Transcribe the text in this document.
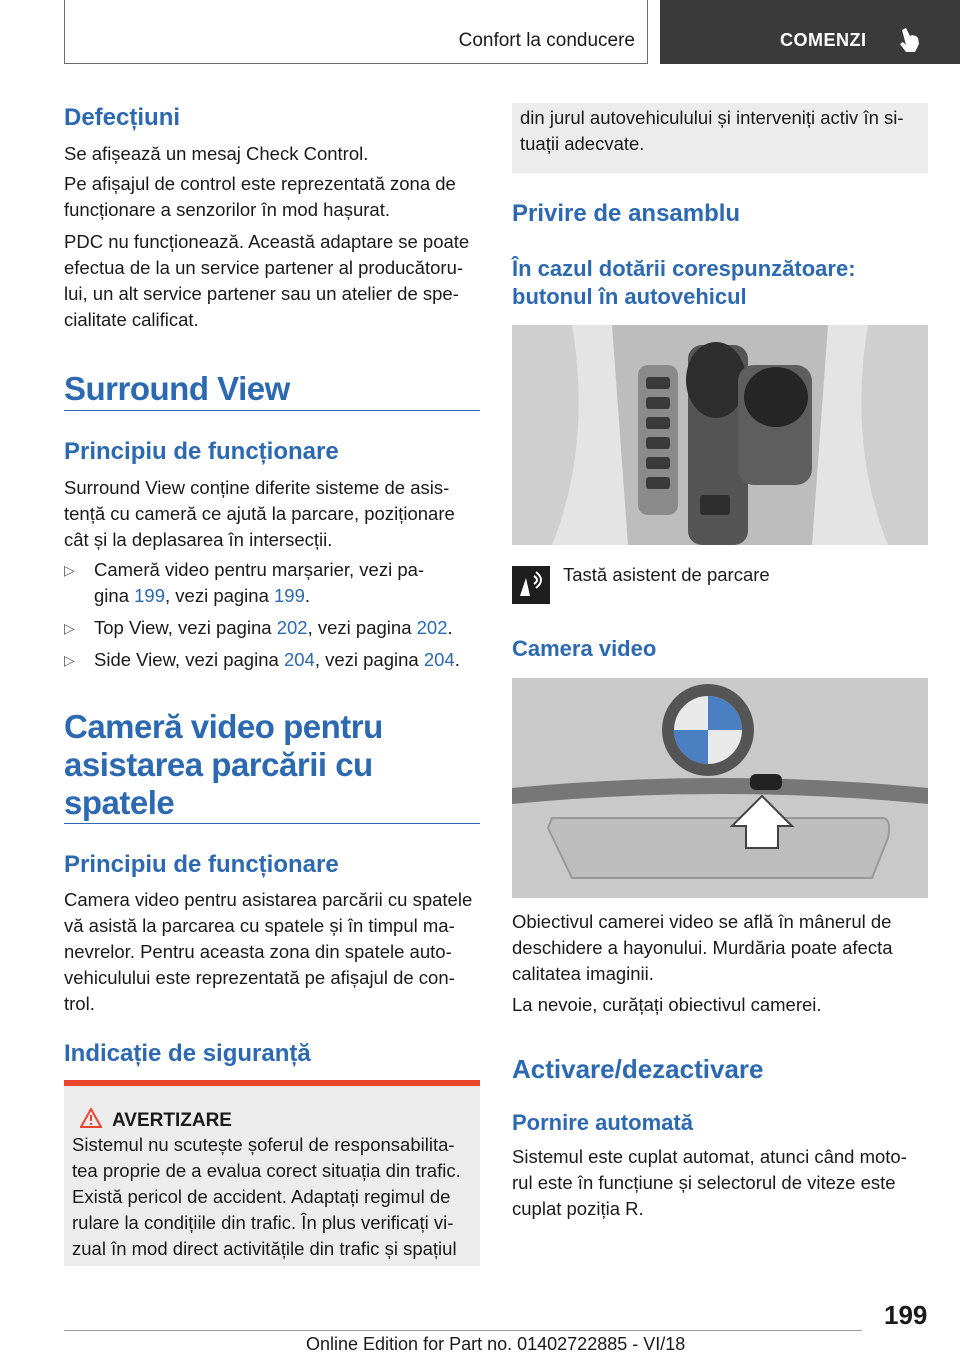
Confort la conducere	COMENZI
Defecțiuni

Se afișează un mesaj Check Control.

Pe afișajul de control este reprezentată zona de
funcționare a senzorilor în mod hașurat.

PDC nu funcționează. Această adaptare se poate
efectua de la un service partener al producătoru-
lui, un alt service partener sau un atelier de spe-
cialitate calificat.

Surround View
Principiu de funcționare

Surround View conține diferite sisteme de asis-
tență cu cameră ce ajută la parcare, poziționare
cât și la deplasarea în intersecții.

▷ Cameră video pentru marșarier, vezi pa-
gina 199, vezi pagina 199.
▷ Top View, vezi pagina 202, vezi pagina 202.
▷ Side View, vezi pagina 204, vezi pagina 204.
Cameră video pentru
asistarea parcării cu
spatele
Principiu de funcționare

Camera video pentru asistarea parcării cu spatele
vă asistă la parcarea cu spatele și în timpul ma-
nevrelor. Pentru aceasta zona din spatele auto-
vehiculului este reprezentată pe afișajul de con-
trol.

Indicație de siguranță
AVERTIZARE
Sistemul nu scutește șoferul de responsabilita-
tea proprie de a evalua corect situația din trafic.
Există pericol de accident. Adaptați regimul de
rulare la condițiile din trafic. În plus verificați vi-
zual în mod direct activitățile din trafic și spațiul
din jurul autovehiculului și interveniți activ în si-
tuații adecvate.
Privire de ansamblu
În cazul dotării corespunzătoare:
butonul în autovehicul

Tastă asistent de parcare

Camera video

Obiectivul camerei video se află în mânerul de
deschidere a hayonului. Murdăria poate afecta
calitatea imaginii.

La nevoie, curățați obiectivul camerei.

Activare/dezactivare
Pornire automată

Sistemul este cuplat automat, atunci când moto-
rul este în funcțiune și selectorul de viteze este
cuplat poziția R.

199
Online Edition for Part no. 01402722885 - VI/18
